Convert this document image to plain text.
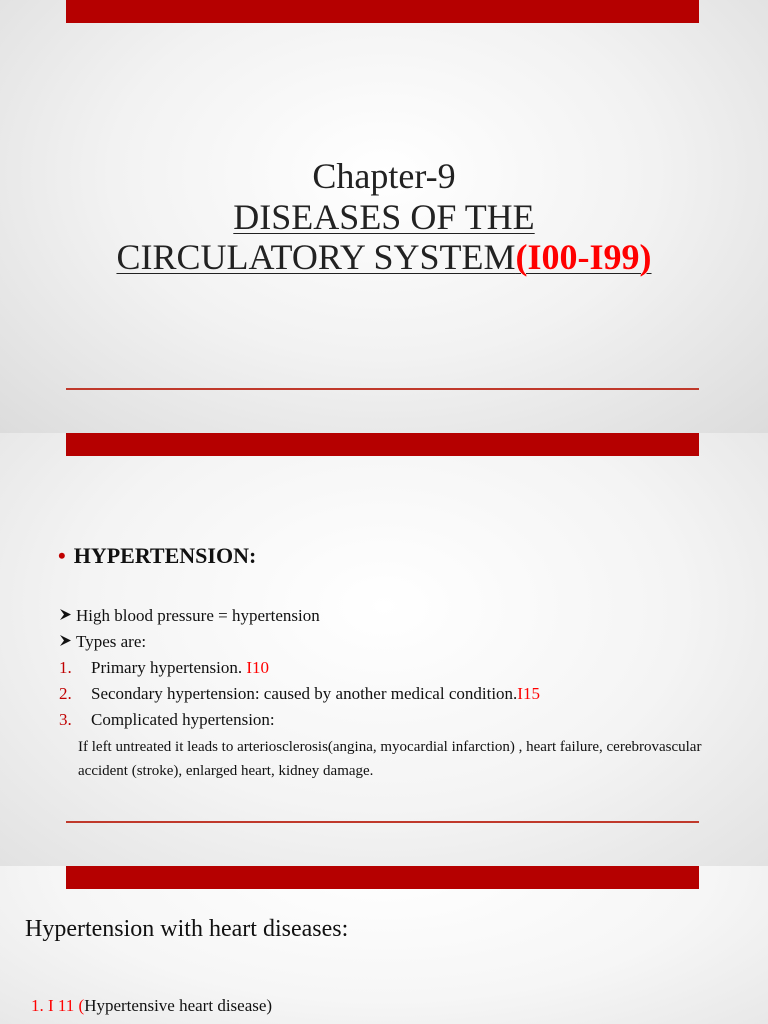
Chapter-9
DISEASES OF THE
CIRCULATORY SYSTEM(I00-I99)
• HYPERTENSION:
High blood pressure = hypertension
Types are:
1. Primary hypertension. I10
2. Secondary hypertension: caused by another medical condition.I15
3. Complicated hypertension:
If left untreated it leads to arteriosclerosis(angina, myocardial infarction) , heart failure, cerebrovascular accident (stroke), enlarged heart, kidney damage.
Hypertension with heart diseases:
1. I 11 (Hypertensive heart disease)
